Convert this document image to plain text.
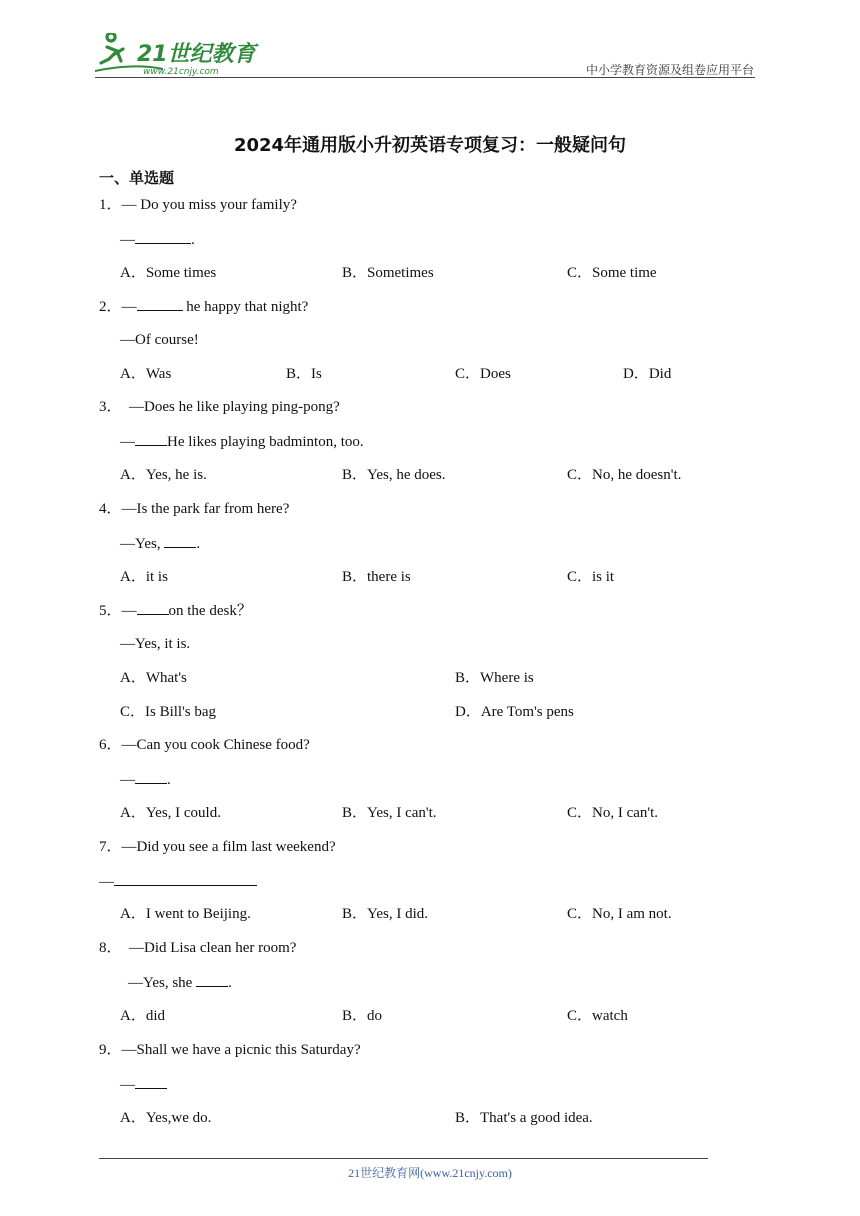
21世纪教育
www.21cnjy.com	中小学教育资源及组卷应用平台
2024年通用版小升初英语专项复习：一般疑问句
一、单选题
1．— Do you miss your family?
—	.
A．Some times	B．Sometimes	C．Some time
2．—	he happy that night?
—Of course!
A．Was	B．Is	C．Does	D．Did
3． —Does he like playing ping-pong?
— He likes playing badminton, too.
A．Yes, he is.	B．Yes, he does.	C．No, he doesn't.
4．—Is the park far from here?
—Yes, .
A．it is	B．there is	C．is it
5．— on the desk？
—Yes, it is.
A．What's	B．Where is
C．Is Bill's bag	D．Are Tom's pens
6．—Can you cook Chinese food?
— .
A．Yes, I could.	B．Yes, I can't.	C．No, I can't.
7．—Did you see a film last weekend?
—
A．I went to Beijing.	B．Yes, I did.	C．No, I am not.
8． —Did Lisa clean her room?
—Yes, she .
A．did	B．do	C．watch
9．—Shall we have a picnic this Saturday?
—
A．Yes,we do.	B．That's a good idea.
21世纪教育网(www.21cnjy.com)
